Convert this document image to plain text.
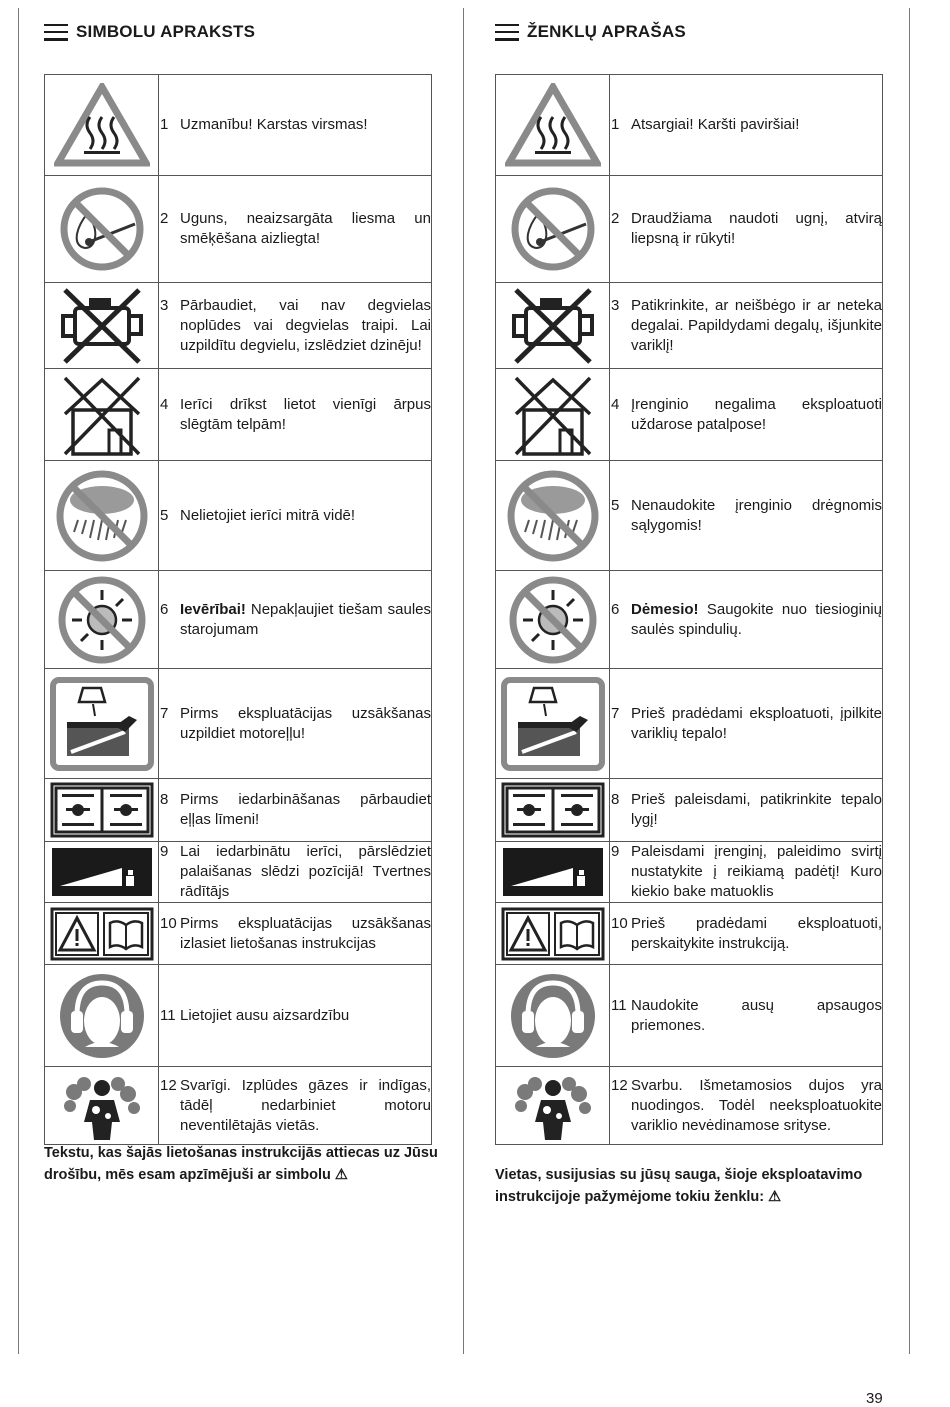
SIMBOLU APRAKSTS

1 Uzmanību! Karstas virsmas!

2 Uguns, neaizsargāta liesma un smēķēšana aizliegta!

3 Pārbaudiet, vai nav degvielas noplūdes vai degvielas traipi. Lai uzpildītu degvielu, izslēdziet dzinēju!

4 Ierīci drīkst lietot vienīgi ārpus slēgtām telpām!

5 Nelietojiet ierīci mitrā vidē!

6 Ievērībai! Nepakļaujiet tiešam saules starojumam

7 Pirms ekspluatācijas uzsākšanas uzpildiet motoreļļu!

8 Pirms iedarbināšanas pārbaudiet eļļas līmeni!

9 Lai iedarbinātu ierīci, pārslēdziet palaišanas slēdzi pozīcijā! Tvertnes rādītājs

10 Pirms ekspluatācijas uzsākšanas izlasiet lietošanas instrukcijas

11 Lietojiet ausu aizsardzību

12 Svarīgi. Izplūdes gāzes ir indīgas, tādēļ nedarbiniet motoru neventilētajās vietās.
Tekstu, kas šajās lietošanas instrukcijās attiecas uz Jūsu drošību, mēs esam apzīmējuši ar simbolu ⚠
ŽENKLŲ APRAŠAS

1 Atsargiai! Karšti paviršiai!

2 Draudžiama naudoti ugnį, atvirą liepsną ir rūkyti!

3 Patikrinkite, ar neišbėgo ir ar neteka degalai. Papildydami degalų, išjunkite variklį!

4 Įrenginio negalima eksploatuoti uždarose patalpose!

5 Nenaudokite įrenginio drėgnomis sąlygomis!

6 Dėmesio! Saugokite nuo tiesioginių saulės spindulių.

7 Prieš pradėdami eksploatuoti, įpilkite variklių tepalo!

8 Prieš paleisdami, patikrinkite tepalo lygį!

9 Paleisdami įrenginį, paleidimo svirtį nustatykite į reikiamą padėtį! Kuro kiekio bake matuoklis

10 Prieš pradėdami eksploatuoti, perskaitykite instrukciją.

11 Naudokite ausų apsaugos priemones.

12 Svarbu. Išmetamosios dujos yra nuodingos. Todėl neeksploatuokite variklio nevėdinamose srityse.
Vietas, susijusias su jūsų sauga, šioje eksploatavimo instrukcijoje pažymėjome tokiu ženklu: ⚠
39
